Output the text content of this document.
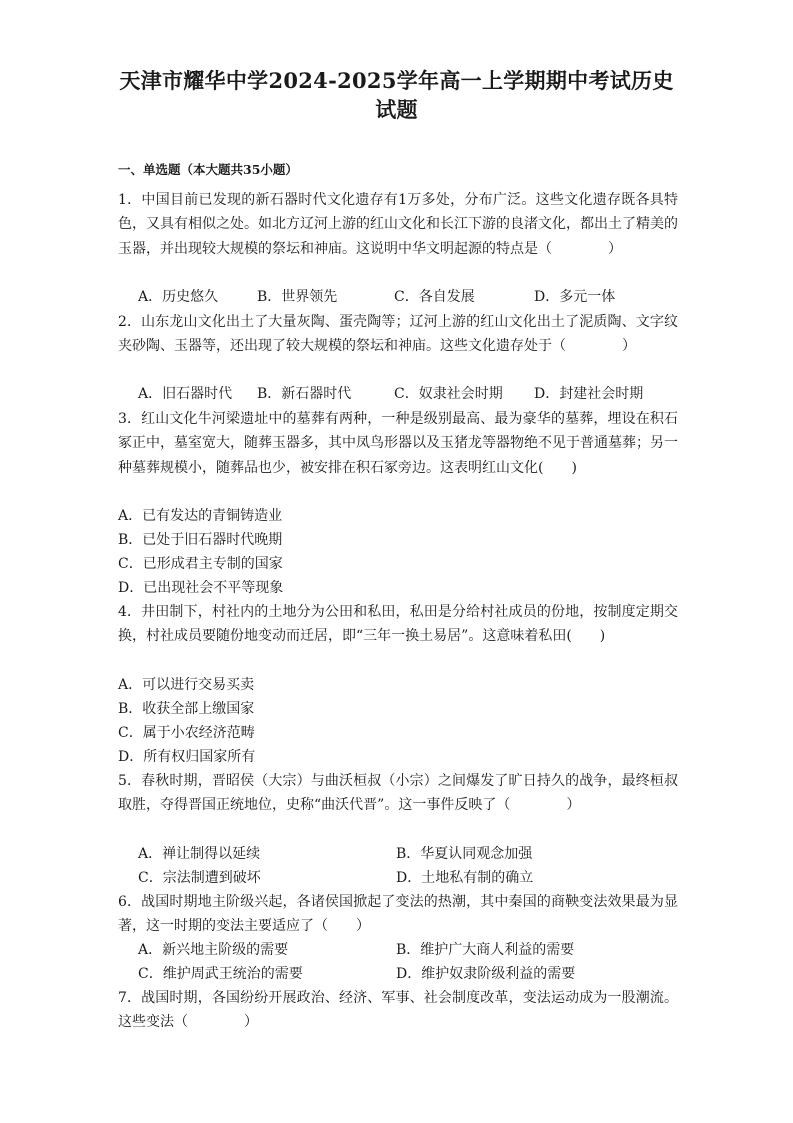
天津市耀华中学2024-2025学年高一上学期期中考试历史
试题
一、单选题（本大题共35小题）
1．中国目前已发现的新石器时代文化遗存有1万多处，分布广泛。这些文化遗存既各具特色，又具有相似之处。如北方辽河上游的红山文化和长江下游的良渚文化，都出土了精美的玉器，并出现较大规模的祭坛和神庙。这说明中华文明起源的特点是（　　　　）
A．历史悠久	B．世界领先	C．各自发展	D．多元一体
2．山东龙山文化出土了大量灰陶、蛋壳陶等；辽河上游的红山文化出土了泥质陶、文字纹夹砂陶、玉器等，还出现了较大规模的祭坛和神庙。这些文化遗存处于（　　　　）
A．旧石器时代 B．新石器时代	C．奴隶社会时期 D．封建社会时期
3．红山文化牛河梁遗址中的墓葬有两种，一种是级别最高、最为豪华的墓葬，埋设在积石冢正中，墓室宽大，随葬玉器多，其中凤鸟形器以及玉猪龙等器物绝不见于普通墓葬；另一种墓葬规模小，随葬品也少，被安排在积石冢旁边。这表明红山文化(　　)
A．已有发达的青铜铸造业
B．已处于旧石器时代晚期
C．已形成君主专制的国家
D．已出现社会不平等现象
4．井田制下，村社内的土地分为公田和私田，私田是分给村社成员的份地，按制度定期交换，村社成员要随份地变动而迁居，即“三年一换土易居”。这意味着私田(　　)
A．可以进行交易买卖
B．收获全部上缴国家
C．属于小农经济范畴
D．所有权归国家所有
5．春秋时期，晋昭侯（大宗）与曲沃桓叔（小宗）之间爆发了旷日持久的战争，最终桓叔取胜，夺得晋国正统地位，史称“曲沃代晋”。这一事件反映了（　　　　）
A．禅让制得以延续	B．华夏认同观念加强
C．宗法制遭到破坏	D．土地私有制的确立
6．战国时期地主阶级兴起，各诸侯国掀起了变法的热潮，其中秦国的商鞅变法效果最为显著，这一时期的变法主要适应了（　　）
A．新兴地主阶级的需要	B．维护广大商人利益的需要
C．维护周武王统治的需要	D．维护奴隶阶级利益的需要
7．战国时期，各国纷纷开展政治、经济、军事、社会制度改革，变法运动成为一股潮流。这些变法（　　　　）
